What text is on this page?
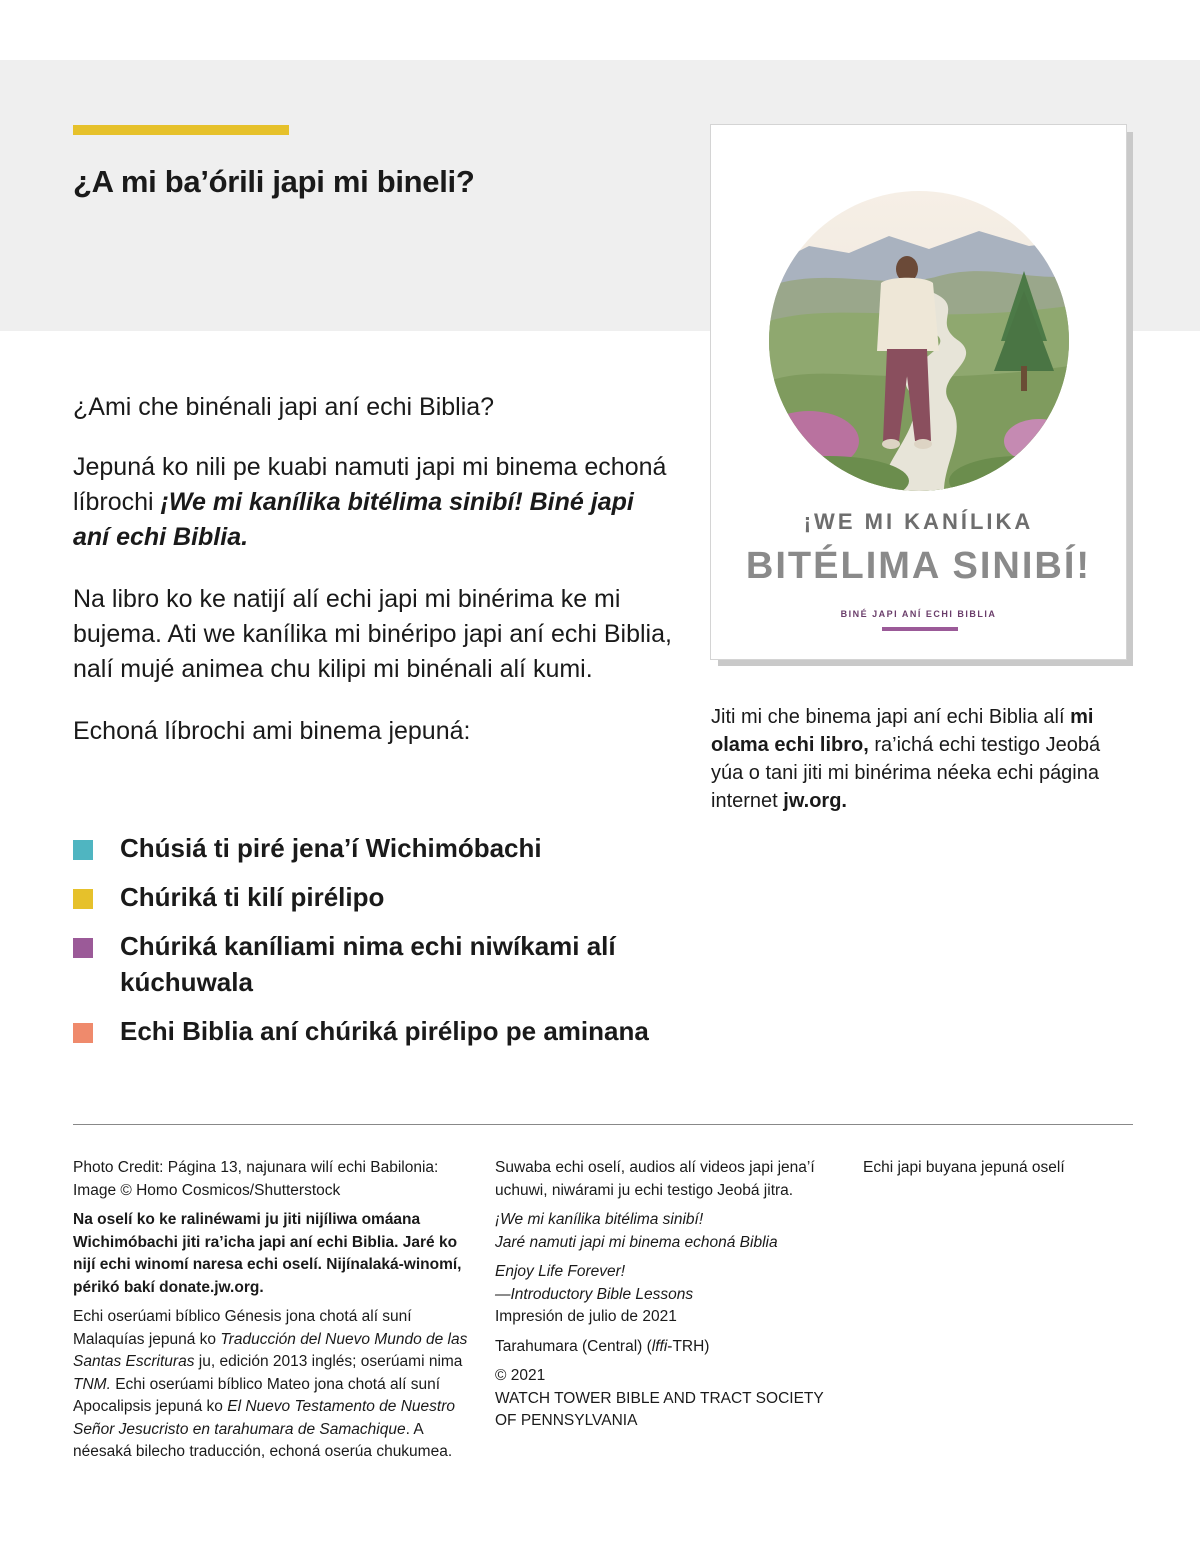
¿A mi ba’órili japi mi bineli?

¿Ami che binénali japi aní echi Biblia?

Jepuná ko nili pe kuabi namuti japi mi binema echoná líbrochi ¡We mi kanílika bitélima sinibí! Biné japi aní echi Biblia.

Na libro ko ke natijí alí echi japi mi binérima ke mi bujema. Ati we kanílika mi binéripo japi aní echi Biblia, nalí mujé animea chu kilipi mi binénali alí kumi.

Echoná líbrochi ami binema jepuná:

Chúsiá ti piré jena’í Wichimóbachi
Chúriká ti kilí pirélipo
Chúriká kaníliami nima echi niwíkami alí kúchuwala
Echi Biblia aní chúriká pirélipo pe aminana
¡WE MI KANÍLIKA
BITÉLIMA SINIBÍ!
BINÉ JAPI ANÍ ECHI BIBLIA
Jiti mi che binema japi aní echi Biblia alí mi olama echi libro, ra’ichá echi testigo Jeobá yúa o tani jiti mi binérima néeka echi página internet jw.org.

Photo Credit: Página 13, najunara wilí echi Babilonia: Image © Homo Cosmicos/Shutterstock

Na oselí ko ke ralinéwami ju jiti nijíliwa omáana Wichimóbachi jiti ra’icha japi aní echi Biblia. Jaré ko nijí echi winomí naresa echi oselí. Nijínalaká-winomí, périkó bakí donate.jw.org.

Echi oserúami bíblico Génesis jona chotá alí suní Malaquías jepuná ko Traducción del Nuevo Mundo de las Santas Escrituras ju, edición 2013 inglés; oserúami nima TNM. Echi oserúami bíblico Mateo jona chotá alí suní Apocalipsis jepuná ko El Nuevo Testamento de Nuestro Señor Jesucristo en tarahumara de Samachique. A néesaká bilecho traducción, echoná oserúa chukumea.

Suwaba echi oselí, audios alí videos japi jena’í uchuwi, niwárami ju echi testigo Jeobá jitra.

¡We mi kanílika bitélima sinibí!
Jaré namuti japi mi binema echoná Biblia

Enjoy Life Forever!
—Introductory Bible Lessons
Impresión de julio de 2021

Tarahumara (Central) (lffi-TRH)

© 2021
WATCH TOWER BIBLE AND TRACT SOCIETY
OF PENNSYLVANIA

Echi japi buyana jepuná oselí
